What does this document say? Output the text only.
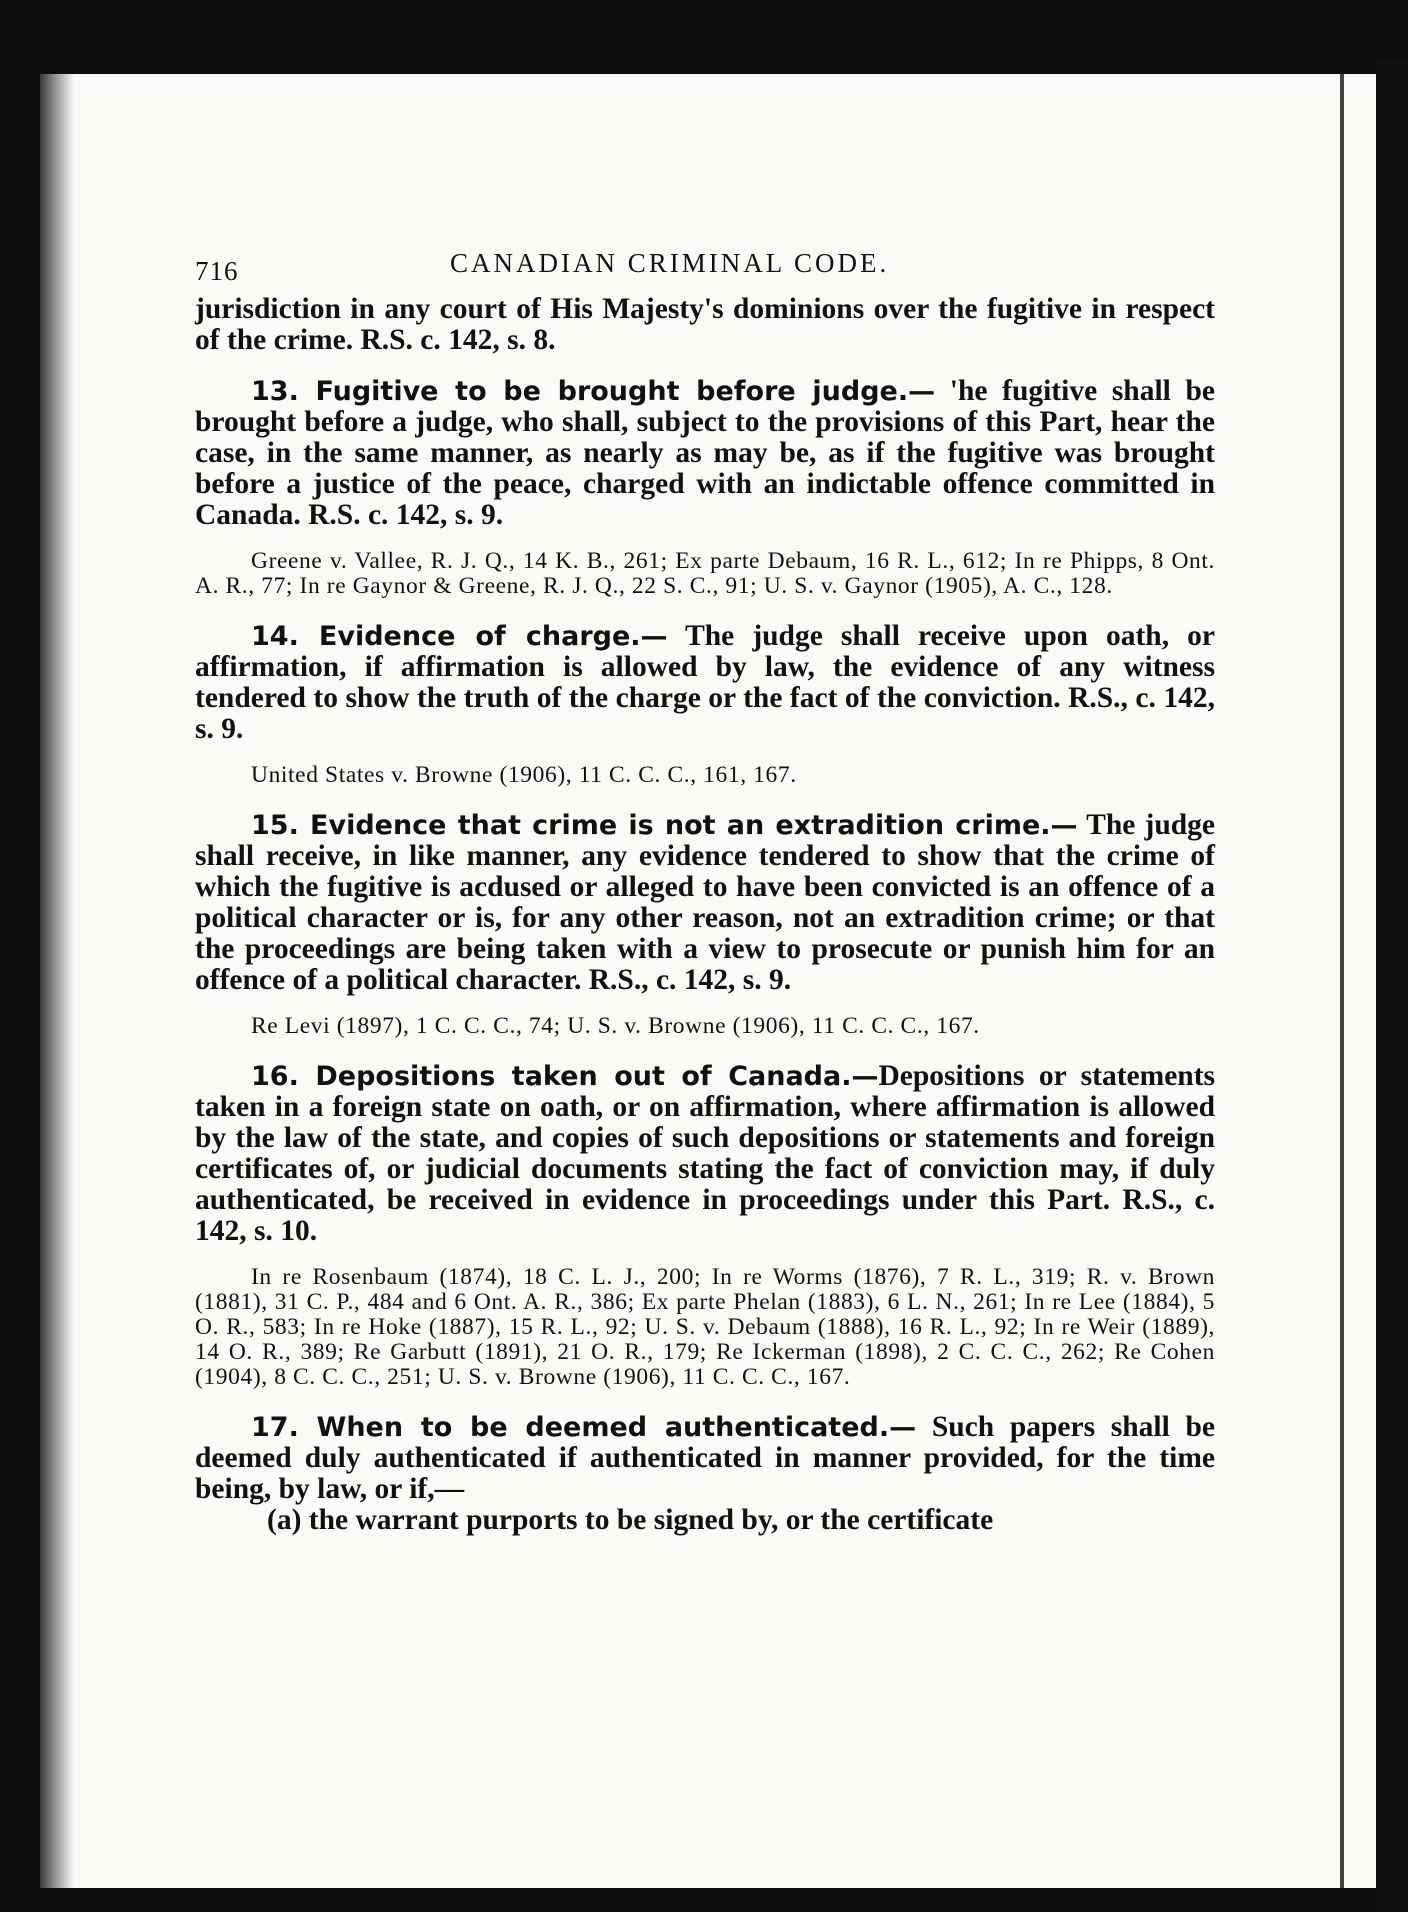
716	CANADIAN CRIMINAL CODE.

jurisdiction in any court of His Majesty's dominions over the fugitive in respect of the crime. R.S. c. 142, s. 8.

13. Fugitive to be brought before judge.— 'he fugitive shall be brought before a judge, who shall, subject to the provisions of this Part, hear the case, in the same manner, as nearly as may be, as if the fugitive was brought before a justice of the peace, charged with an indictable offence committed in Canada. R.S. c. 142, s. 9.

Greene v. Vallee, R. J. Q., 14 K. B., 261; Ex parte Debaum, 16 R. L., 612; In re Phipps, 8 Ont. A. R., 77; In re Gaynor & Greene, R. J. Q., 22 S. C., 91; U. S. v. Gaynor (1905), A. C., 128.

14. Evidence of charge.— The judge shall receive upon oath, or affirmation, if affirmation is allowed by law, the evidence of any witness tendered to show the truth of the charge or the fact of the conviction. R.S., c. 142, s. 9.

United States v. Browne (1906), 11 C. C. C., 161, 167.

15. Evidence that crime is not an extradition crime.— The judge shall receive, in like manner, any evidence tendered to show that the crime of which the fugitive is acdused or alleged to have been convicted is an offence of a political character or is, for any other reason, not an extradition crime; or that the proceedings are being taken with a view to prosecute or punish him for an offence of a political character. R.S., c. 142, s. 9.

Re Levi (1897), 1 C. C. C., 74; U. S. v. Browne (1906), 11 C. C. C., 167.

16. Depositions taken out of Canada.—Depositions or statements taken in a foreign state on oath, or on affirmation, where affirmation is allowed by the law of the state, and copies of such depositions or statements and foreign certificates of, or judicial documents stating the fact of conviction may, if duly authenticated, be received in evidence in proceedings under this Part. R.S., c. 142, s. 10.

In re Rosenbaum (1874), 18 C. L. J., 200; In re Worms (1876), 7 R. L., 319; R. v. Brown (1881), 31 C. P., 484 and 6 Ont. A. R., 386; Ex parte Phelan (1883), 6 L. N., 261; In re Lee (1884), 5 O. R., 583; In re Hoke (1887), 15 R. L., 92; U. S. v. Debaum (1888), 16 R. L., 92; In re Weir (1889), 14 O. R., 389; Re Garbutt (1891), 21 O. R., 179; Re Ickerman (1898), 2 C. C. C., 262; Re Cohen (1904), 8 C. C. C., 251; U. S. v. Browne (1906), 11 C. C. C., 167.

17. When to be deemed authenticated.— Such papers shall be deemed duly authenticated if authenticated in manner provided, for the time being, by law, or if,—

(a) the warrant purports to be signed by, or the certificate
